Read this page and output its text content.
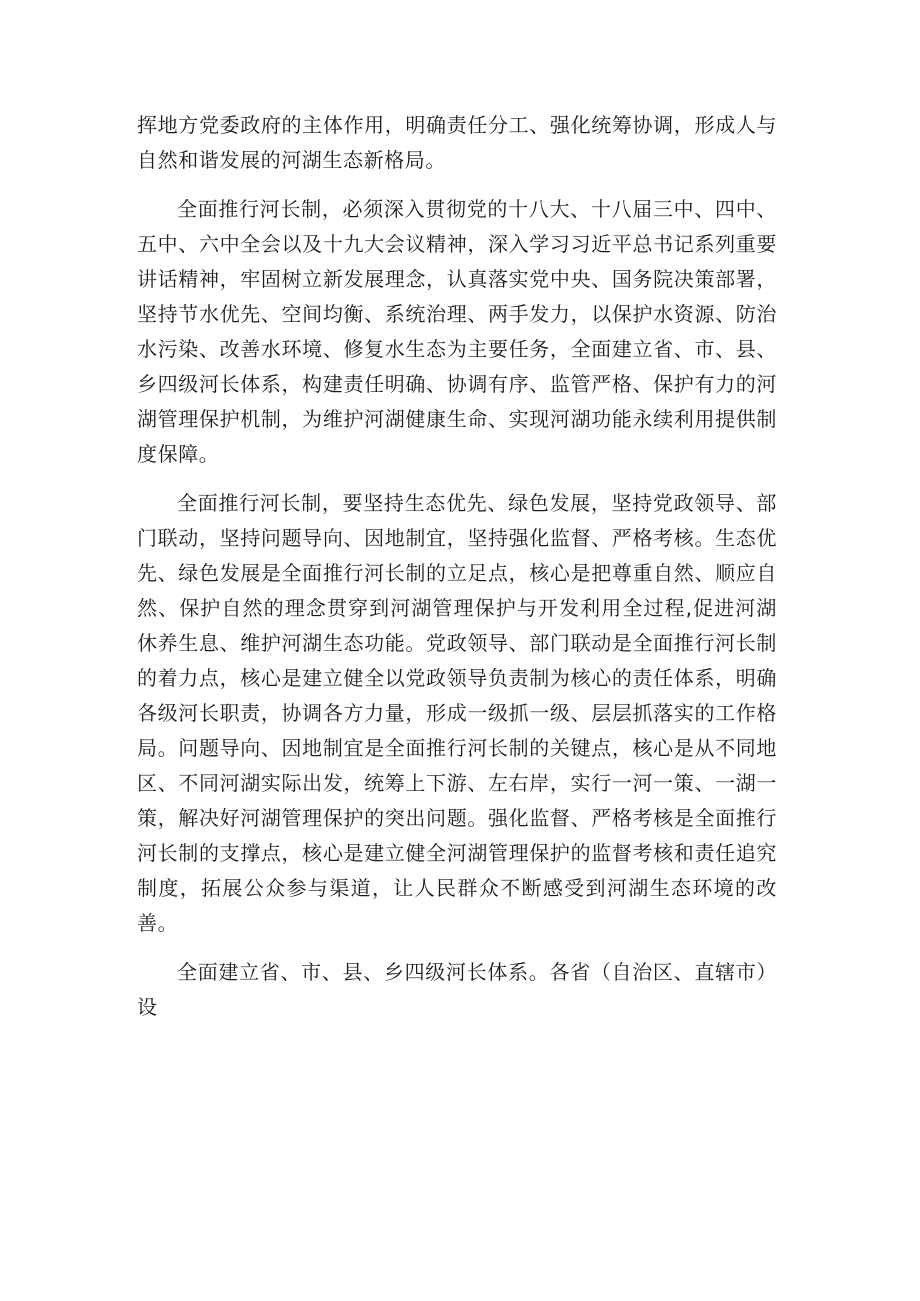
挥地方党委政府的主体作用，明确责任分工、强化统筹协调，形成人与自然和谐发展的河湖生态新格局。

全面推行河长制，必须深入贯彻党的十八大、十八届三中、四中、五中、六中全会以及十九大会议精神，深入学习习近平总书记系列重要讲话精神，牢固树立新发展理念，认真落实党中央、国务院决策部署，坚持节水优先、空间均衡、系统治理、两手发力，以保护水资源、防治水污染、改善水环境、修复水生态为主要任务，全面建立省、市、县、乡四级河长体系，构建责任明确、协调有序、监管严格、保护有力的河湖管理保护机制，为维护河湖健康生命、实现河湖功能永续利用提供制度保障。

全面推行河长制，要坚持生态优先、绿色发展，坚持党政领导、部门联动，坚持问题导向、因地制宜，坚持强化监督、严格考核。生态优先、绿色发展是全面推行河长制的立足点，核心是把尊重自然、顺应自然、保护自然的理念贯穿到河湖管理保护与开发利用全过程,促进河湖休养生息、维护河湖生态功能。党政领导、部门联动是全面推行河长制的着力点，核心是建立健全以党政领导负责制为核心的责任体系，明确各级河长职责，协调各方力量，形成一级抓一级、层层抓落实的工作格局。问题导向、因地制宜是全面推行河长制的关键点，核心是从不同地区、不同河湖实际出发，统筹上下游、左右岸，实行一河一策、一湖一策，解决好河湖管理保护的突出问题。强化监督、严格考核是全面推行河长制的支撑点，核心是建立健全河湖管理保护的监督考核和责任追究制度，拓展公众参与渠道，让人民群众不断感受到河湖生态环境的改善。

全面建立省、市、县、乡四级河长体系。各省（自治区、直辖市）设
